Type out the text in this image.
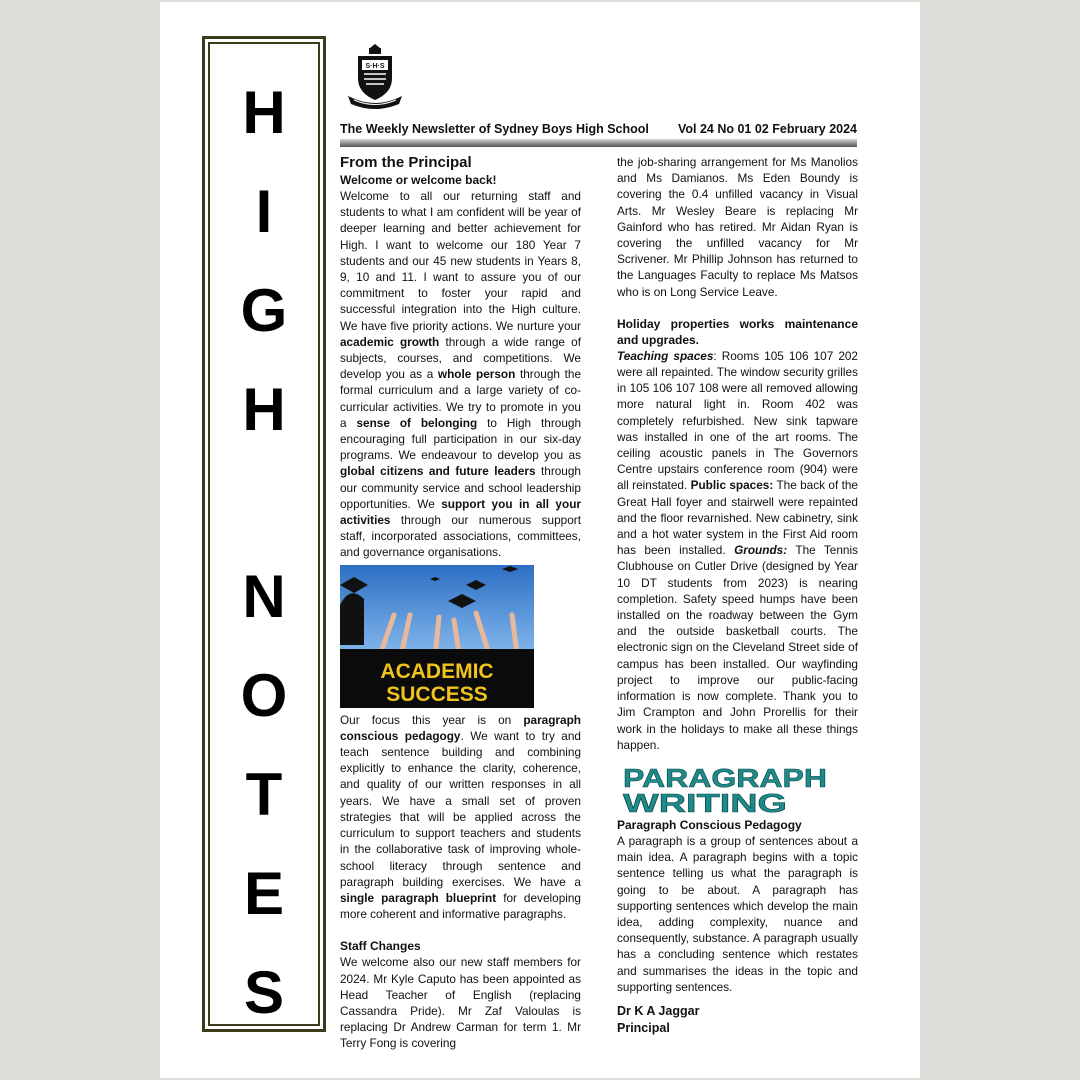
H
I
G
H
N
O
T
E
S
S·H·S
The Weekly Newsletter of Sydney Boys High School Vol 24 No 01 02 February 2024

From the Principal

Welcome or welcome back!

Welcome to all our returning staff and students to what I am confident will be year of deeper learning and better achievement for High. I want to welcome our 180 Year 7 students and our 45 new students in Years 8, 9, 10 and 11. I want to assure you of our commitment to foster your rapid and successful integration into the High culture. We have five priority actions. We nurture your academic growth through a wide range of subjects, courses, and competitions. We develop you as a whole person through the formal curriculum and a large variety of co-curricular activities. We try to promote in you a sense of belonging to High through encouraging full participation in our six-day programs. We endeavour to develop you as global citizens and future leaders through our community service and school leadership opportunities. We support you in all your activities through our numerous support staff, incorporated associations, committees, and governance organisations.

ACADEMIC
SUCCESS

Our focus this year is on paragraph conscious pedagogy. We want to try and teach sentence building and combining explicitly to enhance the clarity, coherence, and quality of our written responses in all years. We have a small set of proven strategies that will be applied across the curriculum to support teachers and students in the collaborative task of improving whole-school literacy through sentence and paragraph building exercises. We have a single paragraph blueprint for developing more coherent and informative paragraphs.

Staff Changes

We welcome also our new staff members for 2024. Mr Kyle Caputo has been appointed as Head Teacher of English (replacing Cassandra Pride). Mr Zaf Valoulas is replacing Dr Andrew Carman for term 1. Mr Terry Fong is covering

the job-sharing arrangement for Ms Manolios and Ms Damianos. Ms Eden Boundy is covering the 0.4 unfilled vacancy in Visual Arts. Mr Wesley Beare is replacing Mr Gainford who has retired. Mr Aidan Ryan is covering the unfilled vacancy for Mr Scrivener. Mr Phillip Johnson has returned to the Languages Faculty to replace Ms Matsos who is on Long Service Leave.

Holiday properties works maintenance and upgrades.

Teaching spaces: Rooms 105 106 107 202 were all repainted. The window security grilles in 105 106 107 108 were all removed allowing more natural light in. Room 402 was completely refurbished. New sink tapware was installed in one of the art rooms. The ceiling acoustic panels in The Governors Centre upstairs conference room (904) were all reinstated. Public spaces: The back of the Great Hall foyer and stairwell were repainted and the floor revarnished. New cabinetry, sink and a hot water system in the First Aid room has been installed. Grounds: The Tennis Clubhouse on Cutler Drive (designed by Year 10 DT students from 2023) is nearing completion. Safety speed humps have been installed on the roadway between the Gym and the outside basketball courts. The electronic sign on the Cleveland Street side of campus has been installed. Our wayfinding project to improve our public-facing information is now complete. Thank you to Jim Crampton and John Prorellis for their work in the holidays to make all these things happen.

PARAGRAPH
WRITING

Paragraph Conscious Pedagogy

A paragraph is a group of sentences about a main idea. A paragraph begins with a topic sentence telling us what the paragraph is going to be about. A paragraph has supporting sentences which develop the main idea, adding complexity, nuance and consequently, substance. A paragraph usually has a concluding sentence which restates and summarises the ideas in the topic and supporting sentences.

Dr K A Jaggar

Principal
